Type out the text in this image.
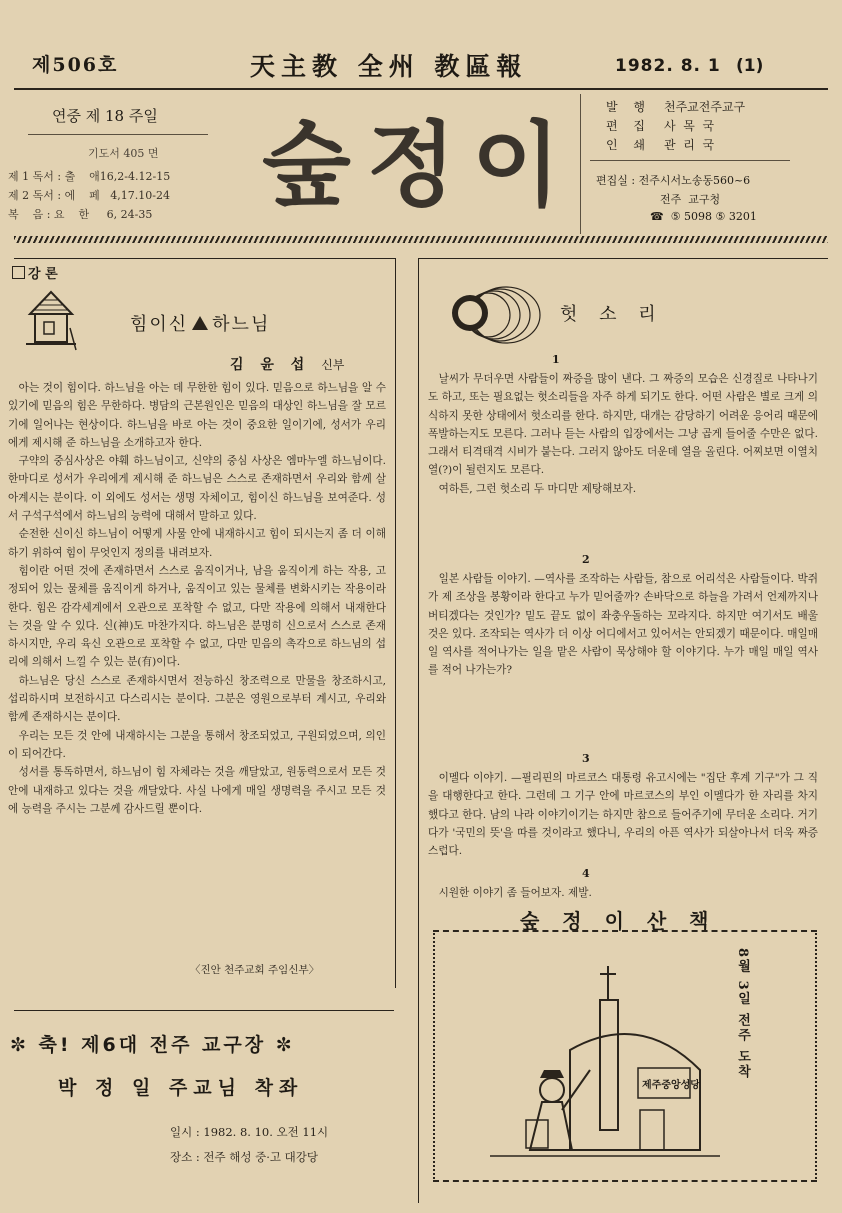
제506호	天主教 全州 教區報	1982. 8. 1 (1)
연중 제 18 주일
기도서 405 면
제 1 독서 : 출    애16,2-4.12-15
제 2 독서 : 에    페   4,17.10-24
복    음 : 요    한     6, 24-35 숲정이
발 행 천주교전주교구
편 집 사  목  국
인 쇄 관  리  국
편집실 : 전주시서노송동560~6
전주  교구청
☎  ⑤ 5098 ⑤ 3201
강 론
힘이신 하느님
김 윤 섭 신부

아는 것이 힘이다. 하느님을 아는 데 무한한 힘이 있다. 믿음으로 하느님을 알 수 있기에 믿음의 힘은 무한하다. 병담의 근본원인은 믿음의 대상인 하느님을 잘 모르기에 일어나는 현상이다. 하느님을 바로 아는 것이 중요한 일이기에, 성서가 우리에게 제시해 준 하느님을 소개하고자 한다.

구약의 중심사상은 야훼 하느님이고, 신약의 중심 사상은 엠마누엘 하느님이다. 한마디로 성서가 우리에게 제시해 준 하느님은 스스로 존재하면서 우리와 함께 살아계시는 분이다. 이 외에도 성서는 생명 자체이고, 힘이신 하느님을 보여준다. 성서 구석구석에서 하느님의 능력에 대해서 말하고 있다.

순전한 신이신 하느님이 어떻게 사물 안에 내재하시고 힘이 되시는지 좀 더 이해하기 위하여 힘이 무엇인지 정의를 내려보자.

힘이란 어떤 것에 존재하면서 스스로 움직이거나, 남을 움직이게 하는 작용, 고정되어 있는 물체를 움직이게 하거나, 움직이고 있는 물체를 변화시키는 작용이라 한다. 힘은 감각세계에서 오관으로 포착할 수 없고, 다만 작용에 의해서 내재한다는 것을 알 수 있다. 신(神)도 마찬가지다. 하느님은 분명히 신으로서 스스로 존재하시지만, 우리 육신 오관으로 포착할 수 없고, 다만 믿음의 촉각으로 하느님의 섭리에 의해서 느낄 수 있는 분(有)이다.

하느님은 당신 스스로 존재하시면서 전능하신 창조력으로 만물을 창조하시고, 섭리하시며 보전하시고 다스리시는 분이다. 그분은 영원으로부터 계시고, 우리와 함께 존재하시는 분이다.

우리는 모든 것 안에 내재하시는 그분을 통해서 창조되었고, 구원되었으며, 의인이 되어간다.

성서를 통독하면서, 하느님이 힘 자체라는 것을 깨달았고, 원동력으로서 모든 것 안에 내재하고 있다는 것을 깨달았다. 사실 나에게 매일 생명력을 주시고 모든 것에 능력을 주시는 그분께 감사드릴 뿐이다.

〈진안 천주교회 주임신부〉
✼ 축! 제6대 전주 교구장 ✼
박 정 일 주교님 착좌
일시 : 1982. 8. 10. 오전 11시
장소 : 전주 해성 중·고 대강당
헛 소 리
1

날씨가 무더우면 사람들이 짜증을 많이 낸다. 그 짜증의 모습은 신경질로 나타나기도 하고, 또는 필요없는 헛소리들을 자주 하게 되기도 한다. 어떤 사람은 별로 크게 의식하지 못한 상태에서 헛소리를 한다. 하지만, 대개는 감당하기 어려운 응어리 때문에 폭발하는지도 모른다. 그러나 듣는 사람의 입장에서는 그냥 곱게 들어줄 수만은 없다. 그래서 티격태격 시비가 붙는다. 그러지 않아도 더운데 열을 올린다. 어찌보면 이열치열(?)이 될런지도 모른다.

여하튼, 그런 헛소리 두 마디만 제탕해보자.

2

일본 사람들 이야기. —역사를 조작하는 사람들, 참으로 어리석은 사람들이다. 박쥐가 제 조상을 봉황이라 한다고 누가 믿어줄까? 손바닥으로 하늘을 가려서 언제까지나 버티겠다는 것인가? 밑도 끝도 없이 좌충우돌하는 꼬라지다. 하지만 여기서도 배울 것은 있다. 조작되는 역사가 더 이상 어디에서고 있어서는 안되겠기 때문이다. 매일매일 역사를 적어나가는 일을 맡은 사람이 묵상해야 할 이야기다. 누가 매일 매일 역사를 적어 나가는가?

3

이멜다 이야기. —필리핀의 마르코스 대통령 유고시에는 "집단 후계 기구"가 그 직을 대행한다고 한다. 그런데 그 기구 안에 마르코스의 부인 이멜다가 한 자리를 차지했다고 한다. 남의 나라 이야기이기는 하지만 참으로 들어주기에 무더운 소리다. 거기다가 '국민의 뜻'을 따를 것이라고 했다니, 우리의 아픈 역사가 되살아나서 더욱 짜증스럽다.

4

시원한 이야기 좀 들어보자. 제발.

숲 정 이 산 책
제주중앙성당
8월 3일 전주 도착
